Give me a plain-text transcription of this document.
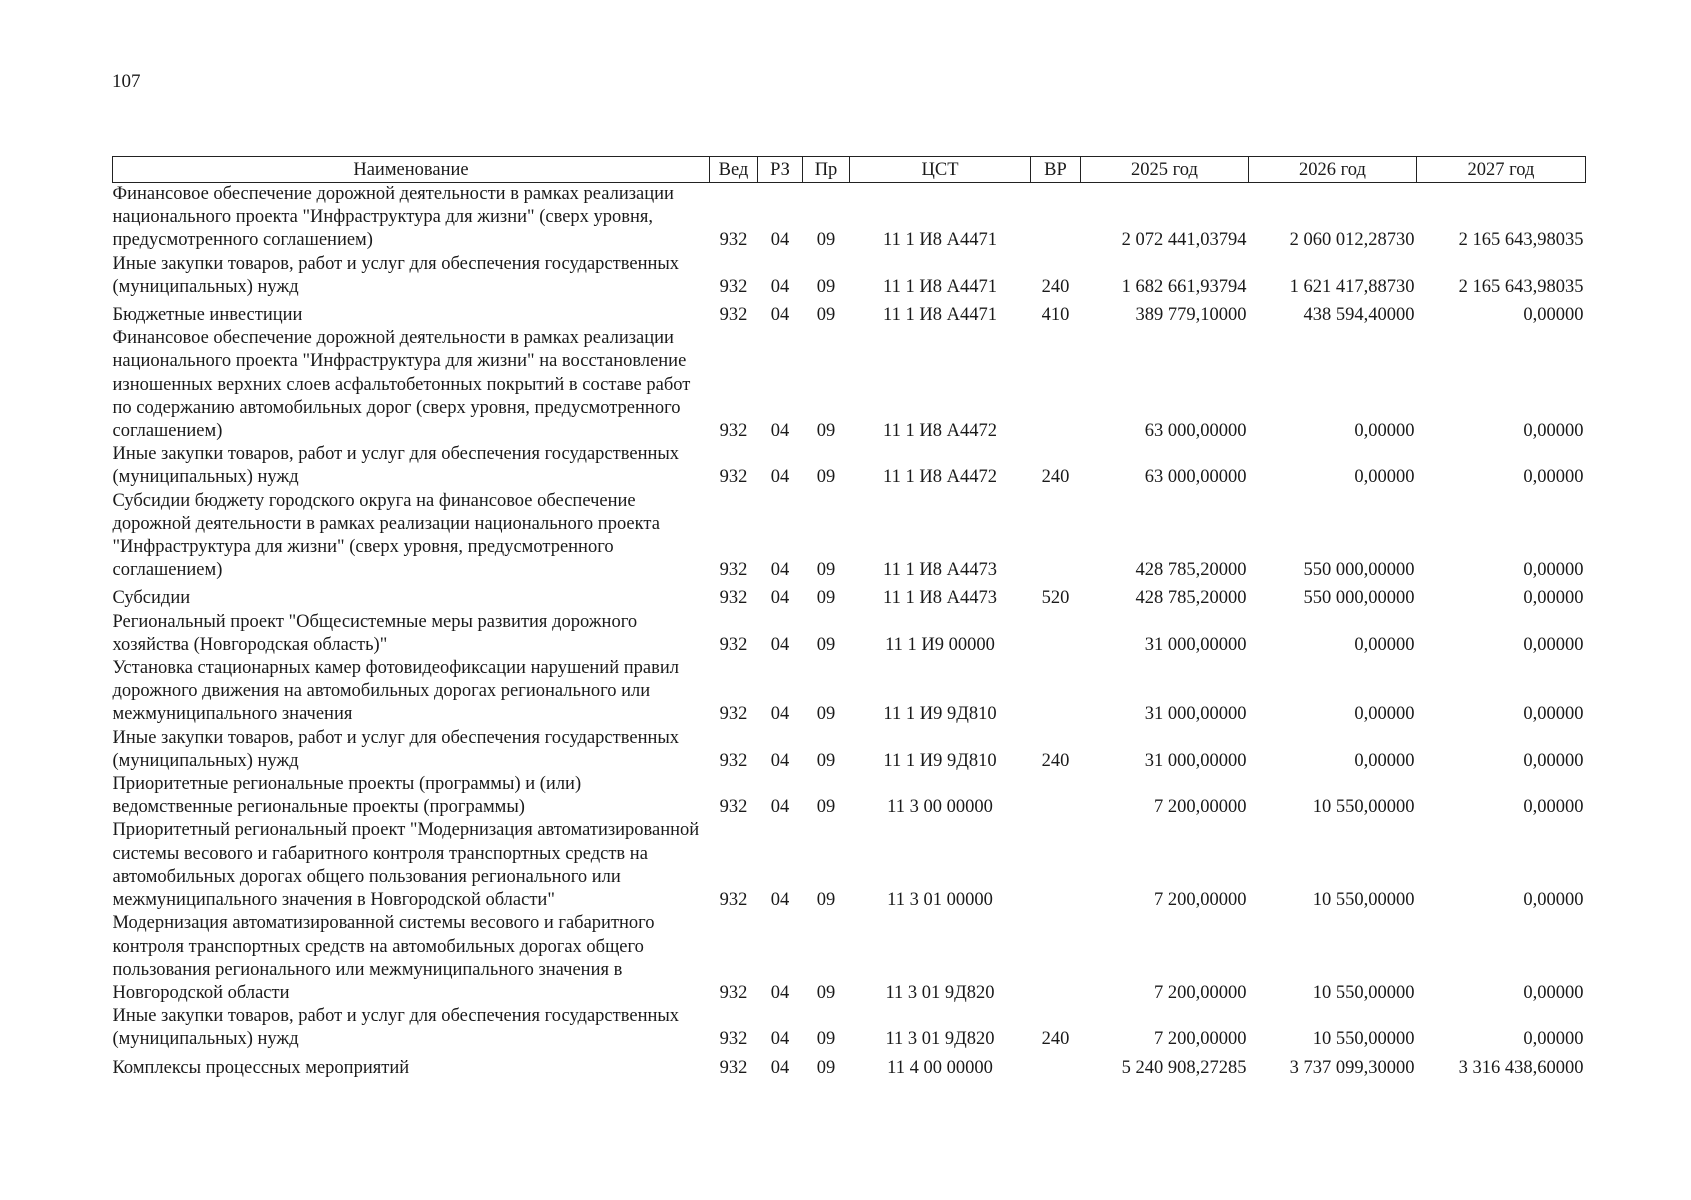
107
Наименование	Вед	РЗ	Пр	ЦСТ	ВР	2025 год	2026 год	2027 год
Финансовое обеспечение дорожной деятельности в рамках реализации национального проекта "Инфраструктура для жизни" (сверх уровня, предусмотренного соглашением)	932	04	09	11 1 И8 А4471		2 072 441,03794	2 060 012,28730	2 165 643,98035
Иные закупки товаров, работ и услуг для обеспечения государственных (муниципальных) нужд	932	04	09	11 1 И8 А4471	240	1 682 661,93794	1 621 417,88730	2 165 643,98035
Бюджетные инвестиции	932	04	09	11 1 И8 А4471	410	389 779,10000	438 594,40000	0,00000
Финансовое обеспечение дорожной деятельности в рамках реализации национального проекта "Инфраструктура для жизни" на восстановление изношенных верхних слоев асфальтобетонных покрытий в составе работ по содержанию автомобильных дорог (сверх уровня, предусмотренного соглашением)	932	04	09	11 1 И8 А4472		63 000,00000	0,00000	0,00000
Иные закупки товаров, работ и услуг для обеспечения государственных (муниципальных) нужд	932	04	09	11 1 И8 А4472	240	63 000,00000	0,00000	0,00000
Субсидии бюджету городского округа на финансовое обеспечение дорожной деятельности в рамках реализации национального проекта "Инфраструктура для жизни" (сверх уровня, предусмотренного соглашением)	932	04	09	11 1 И8 А4473		428 785,20000	550 000,00000	0,00000
Субсидии	932	04	09	11 1 И8 А4473	520	428 785,20000	550 000,00000	0,00000
Региональный проект "Общесистемные меры развития дорожного хозяйства (Новгородская область)"	932	04	09	11 1 И9 00000		31 000,00000	0,00000	0,00000
Установка стационарных камер фотовидеофиксации нарушений правил дорожного движения на автомобильных дорогах регионального или межмуниципального значения	932	04	09	11 1 И9 9Д810		31 000,00000	0,00000	0,00000
Иные закупки товаров, работ и услуг для обеспечения государственных (муниципальных) нужд	932	04	09	11 1 И9 9Д810	240	31 000,00000	0,00000	0,00000
Приоритетные региональные проекты (программы) и (или) ведомственные региональные проекты (программы)	932	04	09	11 3 00 00000		7 200,00000	10 550,00000	0,00000
Приоритетный региональный проект "Модернизация автоматизированной системы весового и габаритного контроля транспортных средств на автомобильных дорогах общего пользования регионального или межмуниципального значения в Новгородской области"	932	04	09	11 3 01 00000		7 200,00000	10 550,00000	0,00000
Модернизация автоматизированной системы весового и габаритного контроля транспортных средств на автомобильных дорогах общего пользования регионального или межмуниципального значения в Новгородской области	932	04	09	11 3 01 9Д820		7 200,00000	10 550,00000	0,00000
Иные закупки товаров, работ и услуг для обеспечения государственных (муниципальных) нужд	932	04	09	11 3 01 9Д820	240	7 200,00000	10 550,00000	0,00000
Комплексы процессных мероприятий	932	04	09	11 4 00 00000		5 240 908,27285	3 737 099,30000	3 316 438,60000
